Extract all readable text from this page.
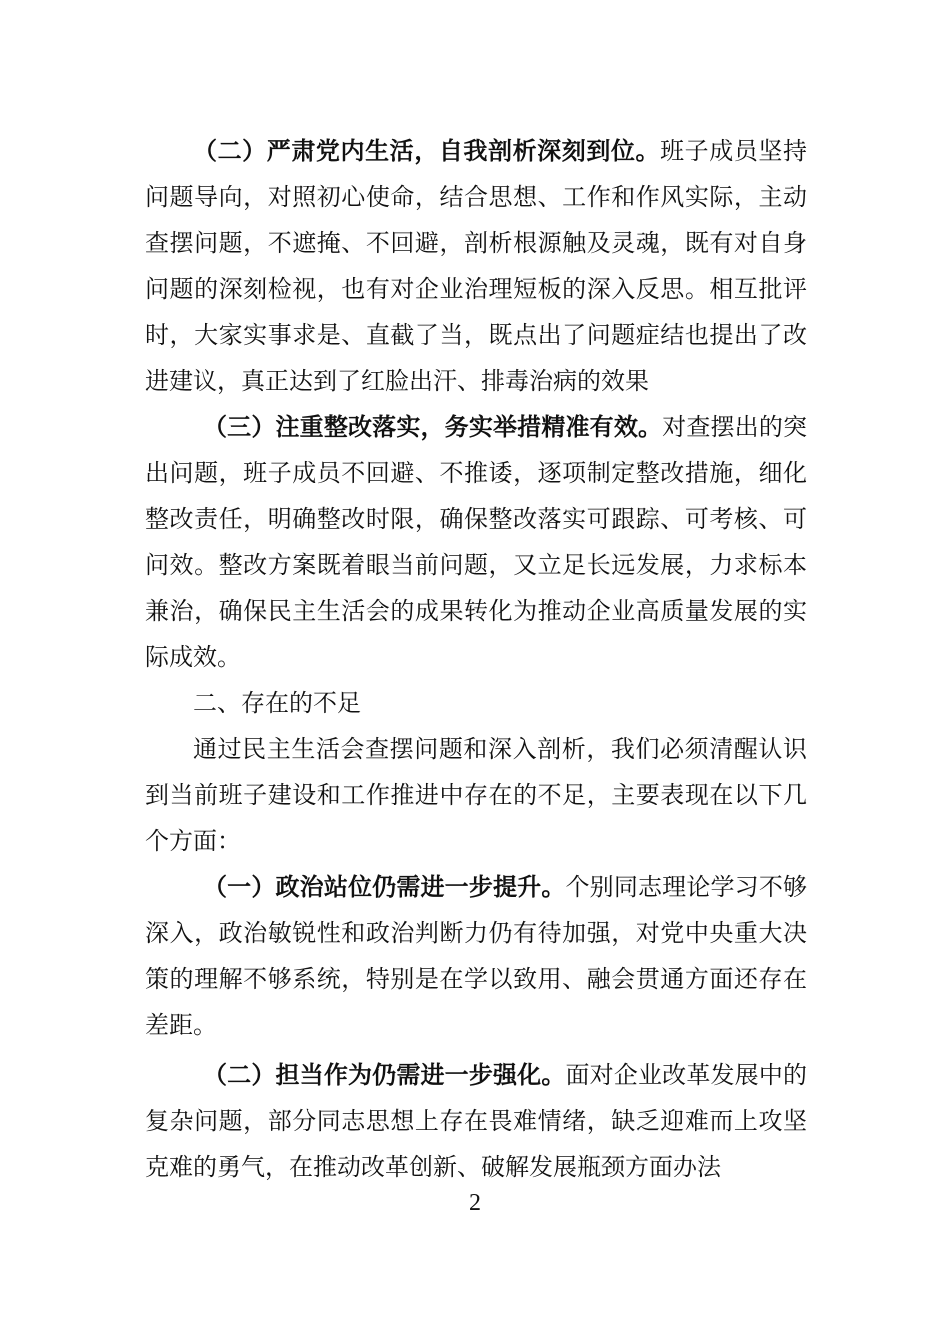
（二）严肃党内生活，自我剖析深刻到位。班子成员坚持问题导向，对照初心使命，结合思想、工作和作风实际，主动查摆问题，不遮掩、不回避，剖析根源触及灵魂，既有对自身问题的深刻检视，也有对企业治理短板的深入反思。相互批评时，大家实事求是、直截了当，既点出了问题症结也提出了改进建议，真正达到了红脸出汗、排毒治病的效果

（三）注重整改落实，务实举措精准有效。对查摆出的突出问题，班子成员不回避、不推诿，逐项制定整改措施，细化整改责任，明确整改时限，确保整改落实可跟踪、可考核、可问效。整改方案既着眼当前问题，又立足长远发展，力求标本兼治，确保民主生活会的成果转化为推动企业高质量发展的实际成效。

二、存在的不足

通过民主生活会查摆问题和深入剖析，我们必须清醒认识到当前班子建设和工作推进中存在的不足，主要表现在以下几个方面：

（一）政治站位仍需进一步提升。个别同志理论学习不够深入，政治敏锐性和政治判断力仍有待加强，对党中央重大决策的理解不够系统，特别是在学以致用、融会贯通方面还存在差距。

（二）担当作为仍需进一步强化。面对企业改革发展中的复杂问题，部分同志思想上存在畏难情绪，缺乏迎难而上攻坚克难的勇气，在推动改革创新、破解发展瓶颈方面办法

2
